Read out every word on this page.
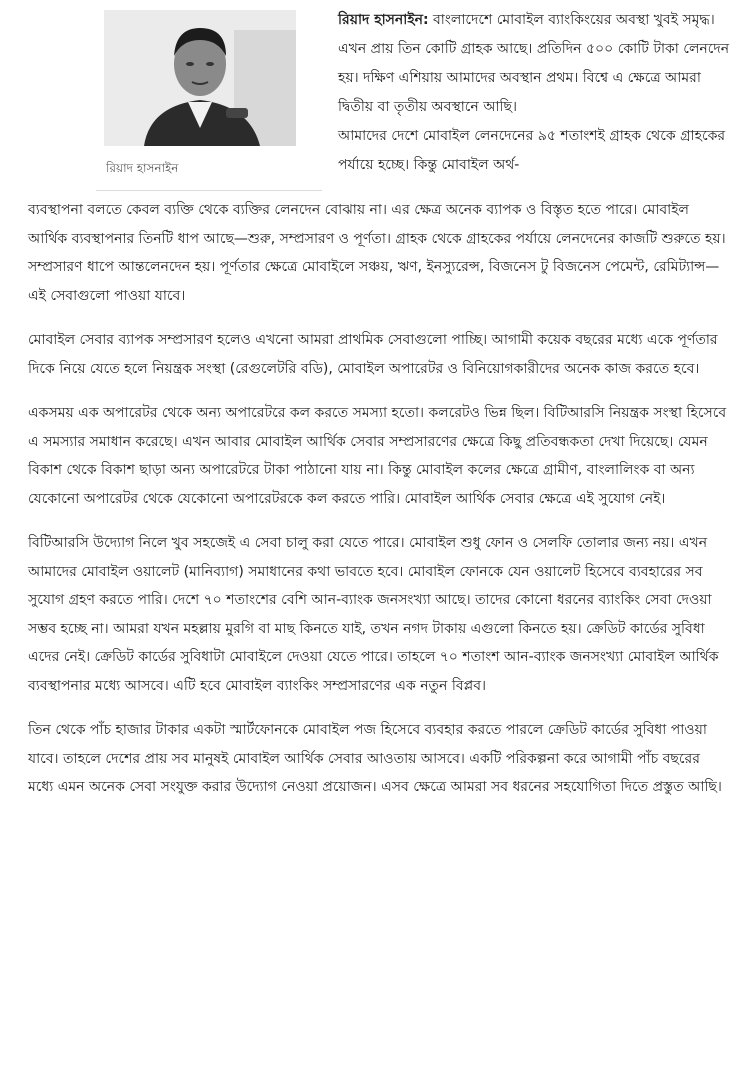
রিয়াদ হাসনাইন

রিয়াদ হাসনাইন: বাংলাদেশে মোবাইল ব্যাংকিংয়ের অবস্থা খুবই সমৃদ্ধ। এখন প্রায় তিন কোটি গ্রাহক আছে। প্রতিদিন ৫০০ কোটি টাকা লেনদেন হয়। দক্ষিণ এশিয়ায় আমাদের অবস্থান প্রথম। বিশ্বে এ ক্ষেত্রে আমরা দ্বিতীয় বা তৃতীয় অবস্থানে আছি।

আমাদের দেশে মোবাইল লেনদেনের ৯৫ শতাংশই গ্রাহক থেকে গ্রাহকের পর্যায়ে হচ্ছে। কিন্তু মোবাইল অর্থ-

ব্যবস্থাপনা বলতে কেবল ব্যক্তি থেকে ব্যক্তির লেনদেন বোঝায় না। এর ক্ষেত্র অনেক ব্যাপক ও বিস্তৃত হতে পারে। মোবাইল আর্থিক ব্যবস্থাপনার তিনটি ধাপ আছে—শুরু, সম্প্রসারণ ও পূর্ণতা। গ্রাহক থেকে গ্রাহকের পর্যায়ে লেনদেনের কাজটি শুরুতে হয়। সম্প্রসারণ ধাপে আন্তলেনদেন হয়। পূর্ণতার ক্ষেত্রে মোবাইলে সঞ্চয়, ঋণ, ইনস্যুরেন্স, বিজনেস টু বিজনেস পেমেন্ট, রেমিট্যান্স—এই সেবাগুলো পাওয়া যাবে।

মোবাইল সেবার ব্যাপক সম্প্রসারণ হলেও এখনো আমরা প্রাথমিক সেবাগুলো পাচ্ছি। আগামী কয়েক বছরের মধ্যে একে পূর্ণতার দিকে নিয়ে যেতে হলে নিয়ন্ত্রক সংস্থা (রেগুলেটরি বডি), মোবাইল অপারেটর ও বিনিয়োগকারীদের অনেক কাজ করতে হবে।

একসময় এক অপারেটর থেকে অন্য অপারেটরে কল করতে সমস্যা হতো। কলরেটও ভিন্ন ছিল। বিটিআরসি নিয়ন্ত্রক সংস্থা হিসেবে এ সমস্যার সমাধান করেছে। এখন আবার মোবাইল আর্থিক সেবার সম্প্রসারণের ক্ষেত্রে কিছু প্রতিবন্ধকতা দেখা দিয়েছে। যেমন বিকাশ থেকে বিকাশ ছাড়া অন্য অপারেটরে টাকা পাঠানো যায় না। কিন্তু মোবাইল কলের ক্ষেত্রে গ্রামীণ, বাংলালিংক বা অন্য যেকোনো অপারেটর থেকে যেকোনো অপারেটরকে কল করতে পারি। মোবাইল আর্থিক সেবার ক্ষেত্রে এই সুযোগ নেই।

বিটিআরসি উদ্যোগ নিলে খুব সহজেই এ সেবা চালু করা যেতে পারে। মোবাইল শুধু ফোন ও সেলফি তোলার জন্য নয়। এখন আমাদের মোবাইল ওয়ালেট (মানিব্যাগ) সমাধানের কথা ভাবতে হবে। মোবাইল ফোনকে যেন ওয়ালেট হিসেবে ব্যবহারের সব সুযোগ গ্রহণ করতে পারি। দেশে ৭০ শতাংশের বেশি আন-ব্যাংক জনসংখ্যা আছে। তাদের কোনো ধরনের ব্যাংকিং সেবা দেওয়া সম্ভব হচ্ছে না। আমরা যখন মহল্লায় মুরগি বা মাছ কিনতে যাই, তখন নগদ টাকায় এগুলো কিনতে হয়। ক্রেডিট কার্ডের সুবিধা এদের নেই। ক্রেডিট কার্ডের সুবিধাটা মোবাইলে দেওয়া যেতে পারে। তাহলে ৭০ শতাংশ আন-ব্যাংক জনসংখ্যা মোবাইল আর্থিক ব্যবস্থাপনার মধ্যে আসবে। এটি হবে মোবাইল ব্যাংকিং সম্প্রসারণের এক নতুন বিপ্লব।

তিন থেকে পাঁচ হাজার টাকার একটা স্মার্টফোনকে মোবাইল পজ হিসেবে ব্যবহার করতে পারলে ক্রেডিট কার্ডের সুবিধা পাওয়া যাবে। তাহলে দেশের প্রায় সব মানুষই মোবাইল আর্থিক সেবার আওতায় আসবে। একটি পরিকল্পনা করে আগামী পাঁচ বছরের মধ্যে এমন অনেক সেবা সংযুক্ত করার উদ্যোগ নেওয়া প্রয়োজন। এসব ক্ষেত্রে আমরা সব ধরনের সহযোগিতা দিতে প্রস্তুত আছি।
